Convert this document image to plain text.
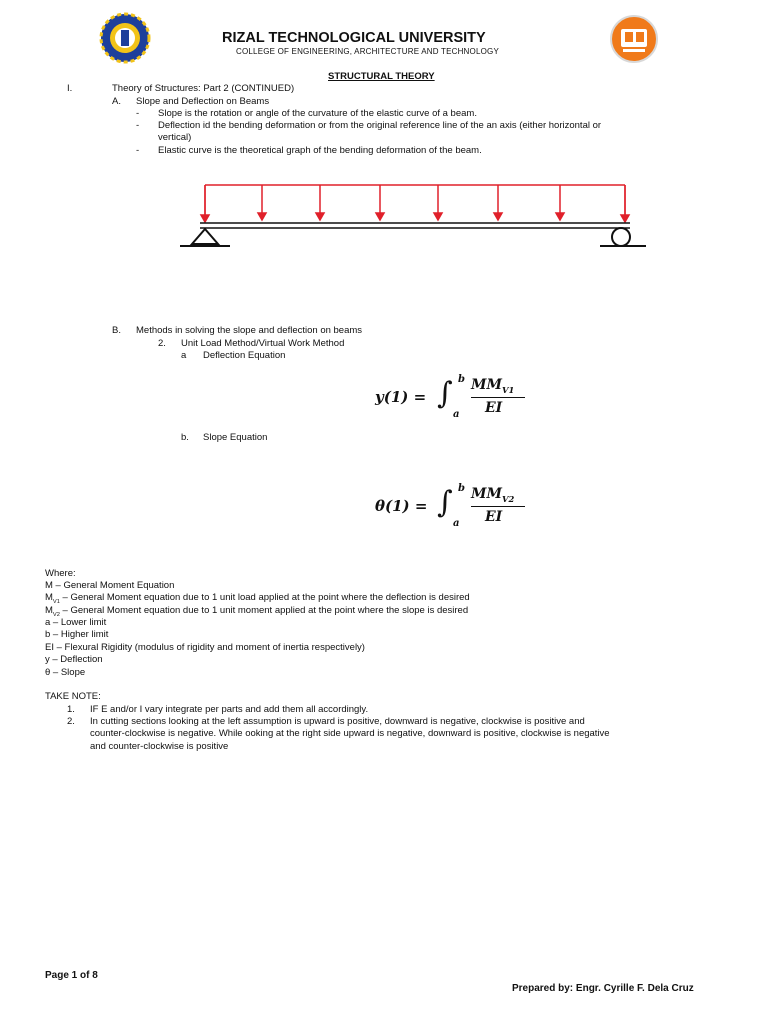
RIZAL TECHNOLOGICAL UNIVERSITY
COLLEGE OF ENGINEERING, ARCHITECTURE AND TECHNOLOGY
STRUCTURAL THEORY
I.	Theory of Structures: Part 2 (CONTINUED)
A. Slope and Deflection on Beams
- Slope is the rotation or angle of the curvature of the elastic curve of a beam.
- Deflection id the bending deformation or from the original reference line of the an axis (either horizontal or
vertical)
- Elastic curve is the theoretical graph of the bending deformation of the beam.
B. Methods in solving the slope and deflection on beams
2. Unit Load Method/Virtual Work Method
a Deflection Equation
y(1) = ∫ b
a
$MM_{V1}$
EI
b. Slope Equation
θ(1) = ∫ b
a
$MM_{V2}$
EI
Where:
M – General Moment Equation
$M_{V1}$ – General Moment equation due to 1 unit load applied at the point where the deflection is desired
$M_{V2}$ – General Moment equation due to 1 unit moment applied at the point where the slope is desired
a – Lower limit
b – Higher limit
EI – Flexural Rigidity (modulus of rigidity and moment of inertia respectively)
y – Deflection
θ – Slope
TAKE NOTE:
1. IF E and/or I vary integrate per parts and add them all accordingly.
2. In cutting sections looking at the left assumption is upward is positive, downward is negative, clockwise is positive and
counter-clockwise is negative. While ooking at the right side upward is negative, downward is positive, clockwise is negative
and counter-clockwise is positive
Page 1 of 8
Prepared by: Engr. Cyrille F. Dela Cruz
